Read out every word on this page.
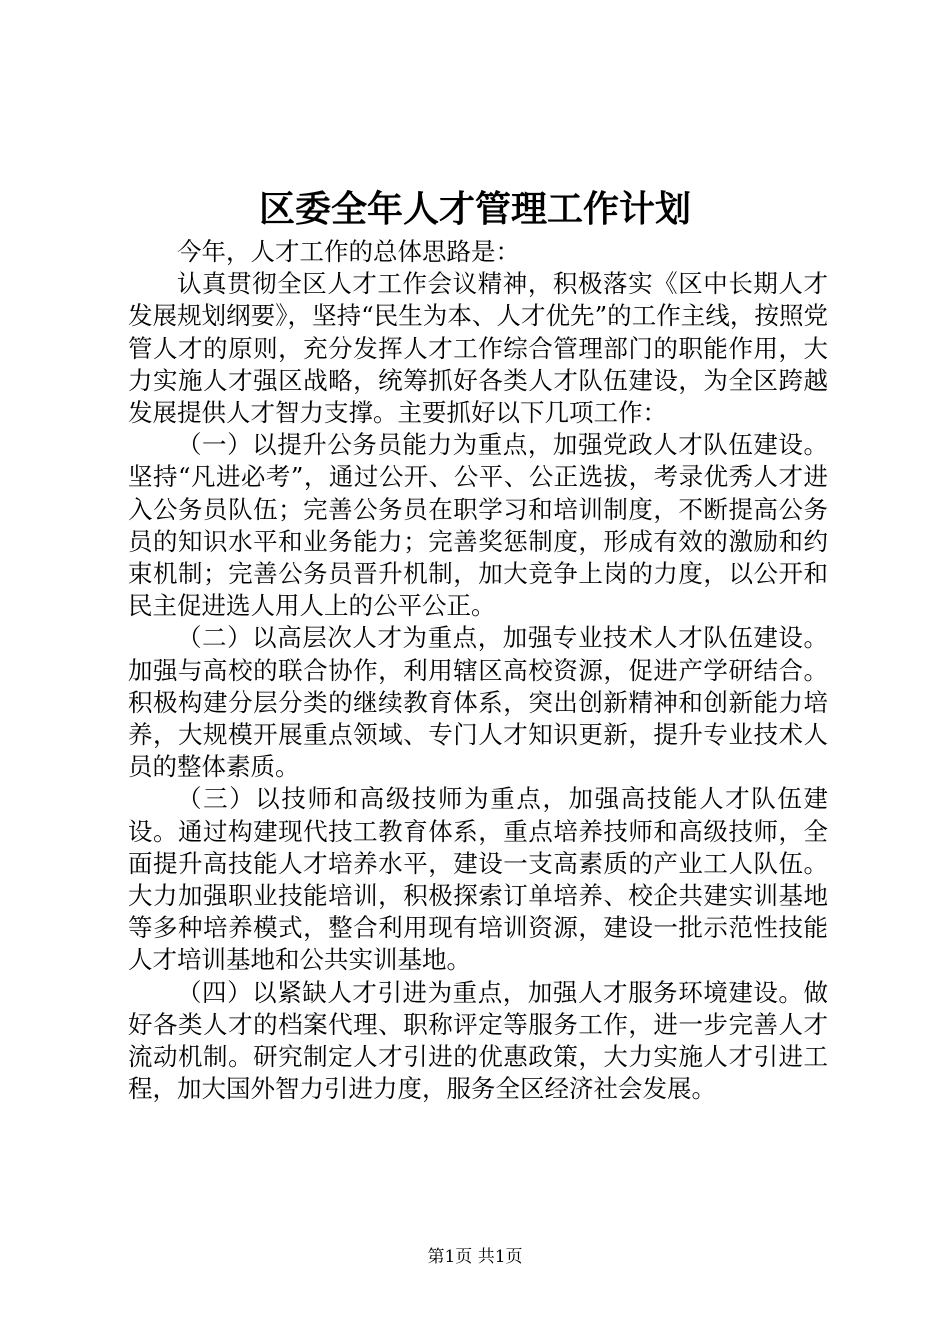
区委全年人才管理工作计划

今年，人才工作的总体思路是：

认真贯彻全区人才工作会议精神，积极落实《区中长期人才发展规划纲要》，坚持“民生为本、人才优先”的工作主线，按照党管人才的原则，充分发挥人才工作综合管理部门的职能作用，大力实施人才强区战略，统筹抓好各类人才队伍建设，为全区跨越发展提供人才智力支撑。主要抓好以下几项工作：

（一）以提升公务员能力为重点，加强党政人才队伍建设。坚持“凡进必考”，通过公开、公平、公正选拔，考录优秀人才进入公务员队伍；完善公务员在职学习和培训制度，不断提高公务员的知识水平和业务能力；完善奖惩制度，形成有效的激励和约束机制；完善公务员晋升机制，加大竞争上岗的力度，以公开和民主促进选人用人上的公平公正。

（二）以高层次人才为重点，加强专业技术人才队伍建设。加强与高校的联合协作，利用辖区高校资源，促进产学研结合。积极构建分层分类的继续教育体系，突出创新精神和创新能力培养，大规模开展重点领域、专门人才知识更新，提升专业技术人员的整体素质。

（三）以技师和高级技师为重点，加强高技能人才队伍建设。通过构建现代技工教育体系，重点培养技师和高级技师，全面提升高技能人才培养水平，建设一支高素质的产业工人队伍。大力加强职业技能培训，积极探索订单培养、校企共建实训基地等多种培养模式，整合利用现有培训资源，建设一批示范性技能人才培训基地和公共实训基地。

（四）以紧缺人才引进为重点，加强人才服务环境建设。做好各类人才的档案代理、职称评定等服务工作，进一步完善人才流动机制。研究制定人才引进的优惠政策，大力实施人才引进工程，加大国外智力引进力度，服务全区经济社会发展。

第1页 共1页
